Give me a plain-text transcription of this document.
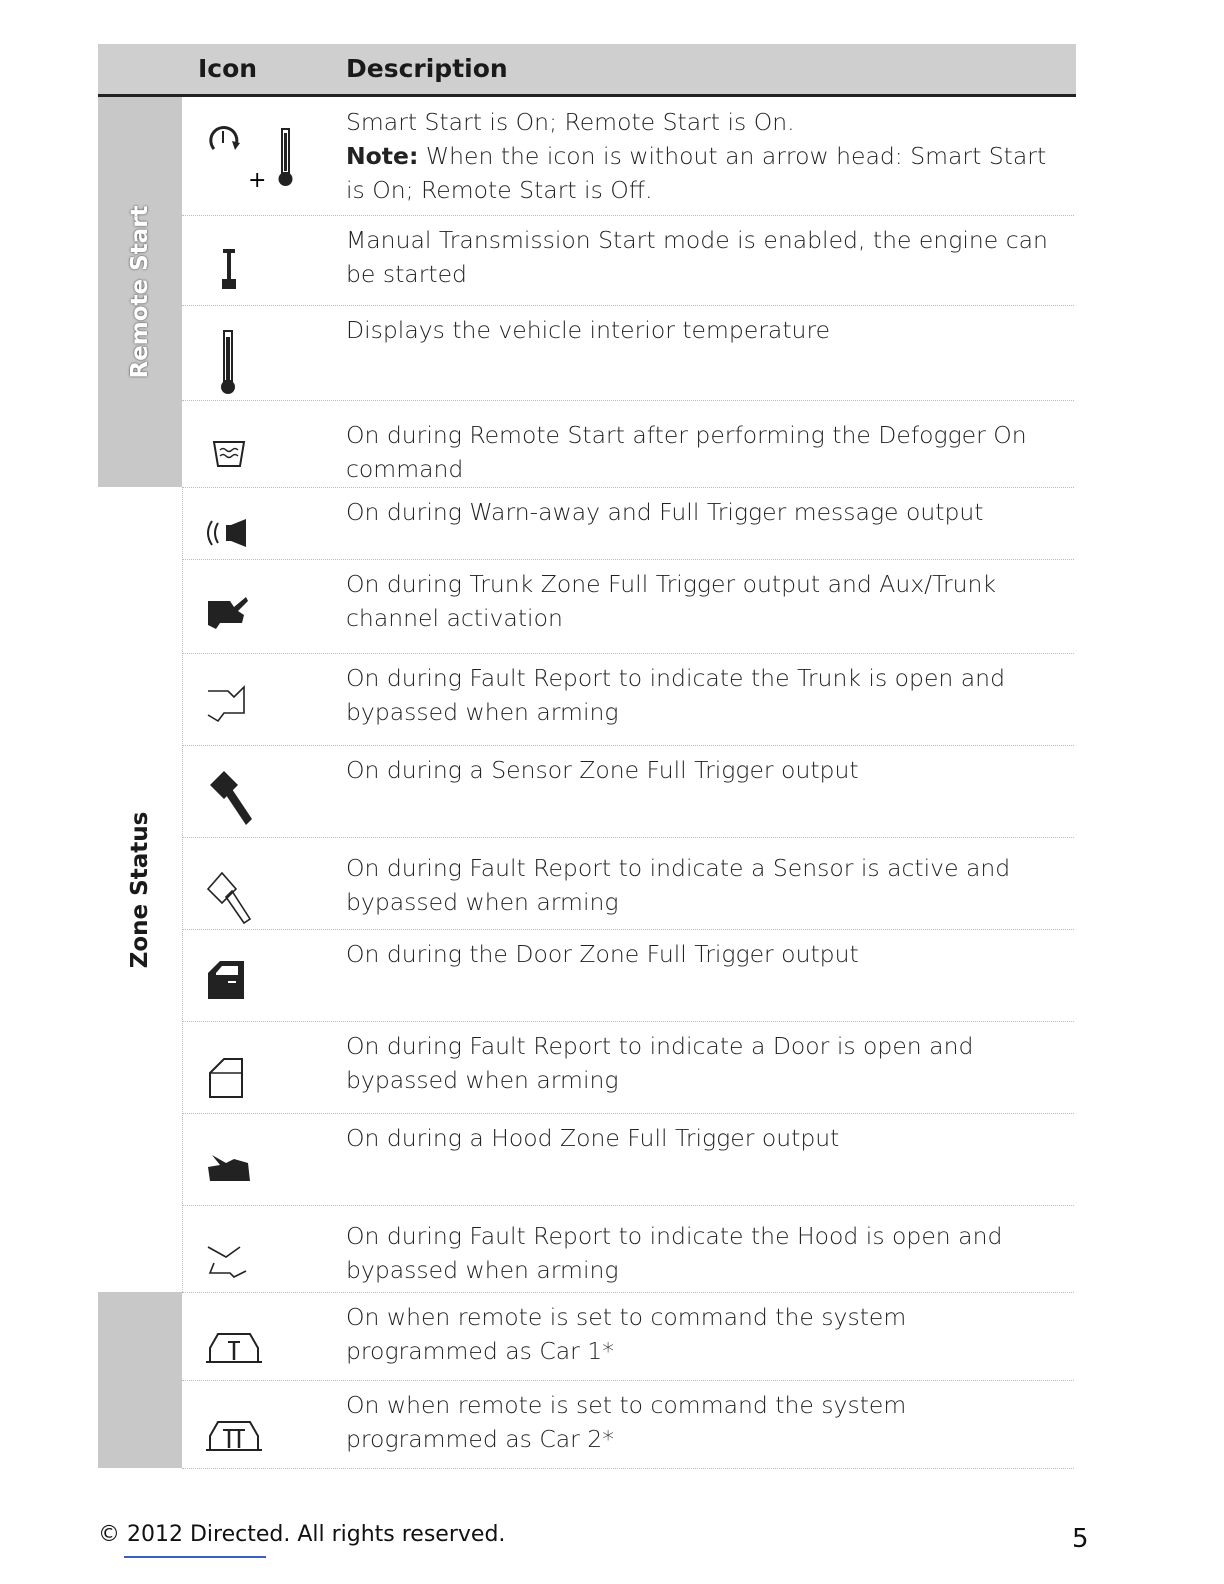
Icon	Description
Remote Start
Zone Status
+
Smart Start is On; Remote Start is On.
Note: When the icon is without an arrow head: Smart Start is On; Remote Start is Off.
Manual Transmission Start mode is enabled, the engine can be started
Displays the vehicle interior temperature
On during Remote Start after performing the Defogger On command
On during Warn-away and Full Trigger message output
On during Trunk Zone Full Trigger output and Aux/Trunk channel activation
On during Fault Report to indicate the Trunk is open and bypassed when arming
On during a Sensor Zone Full Trigger output
On during Fault Report to indicate a Sensor is active and bypassed when arming
On during the Door Zone Full Trigger output
On during Fault Report to indicate a Door is open and bypassed when arming
On during a Hood Zone Full Trigger output
On during Fault Report to indicate the Hood is open and bypassed when arming
On when remote is set to command the system programmed as Car 1*
On when remote is set to command the system programmed as Car 2*
© 2012 Directed. All rights reserved.	5
